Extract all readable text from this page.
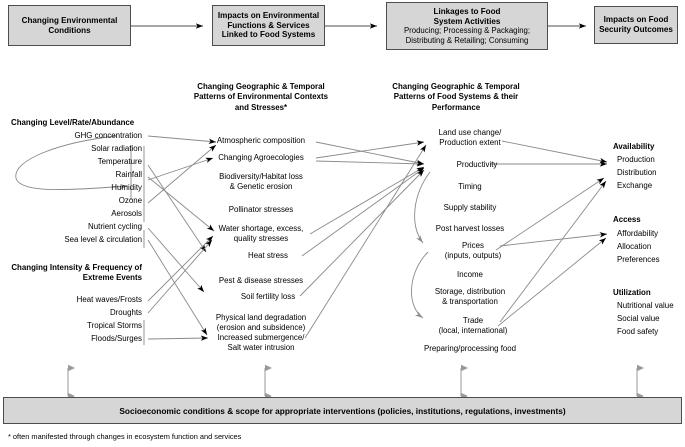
Changing Environmental
Conditions
Impacts on Environmental
Functions & Services
Linked to Food Systems
Linkages to Food
System Activities
Producing; Processing & Packaging;
Distributing & Retailing; Consuming
Impacts on Food
Security Outcomes
Changing Geographic & Temporal
Patterns of Environmental Contexts
and Stresses*
Changing Geographic & Temporal
Patterns of Food Systems & their
Performance
Changing Level/Rate/Abundance
GHG concentration
Solar radiation
Temperature
Rainfall
Humidity
Ozone
Aerosols
Nutrient cycling
Sea level & circulation
Changing Intensity & Frequency of
Extreme Events
Heat waves/Frosts
Droughts
Tropical Storms
Floods/Surges
Atmospheric composition
Changing Agroecologies
Biodiversity/Habitat loss
& Genetic erosion
Pollinator stresses
Water shortage, excess,
quality stresses
Heat stress
Pest & disease stresses
Soil fertility loss
Physical land degradation
(erosion and subsidence)
Increased submergence/
Salt water intrusion
Land use change/
Production extent
Productivity
Timing
Supply stability
Post harvest losses
Prices
(inputs, outputs)
Income
Storage, distribution
& transportation
Trade
(local, international)
Preparing/processing food
Availability
Production
Distribution
Exchange
Access
Affordability
Allocation
Preferences
Utilization
Nutritional value
Social value
Food safety
Socioeconomic conditions & scope for appropriate interventions (policies, institutions, regulations, investments)
* often manifested through changes in ecosystem function and services
